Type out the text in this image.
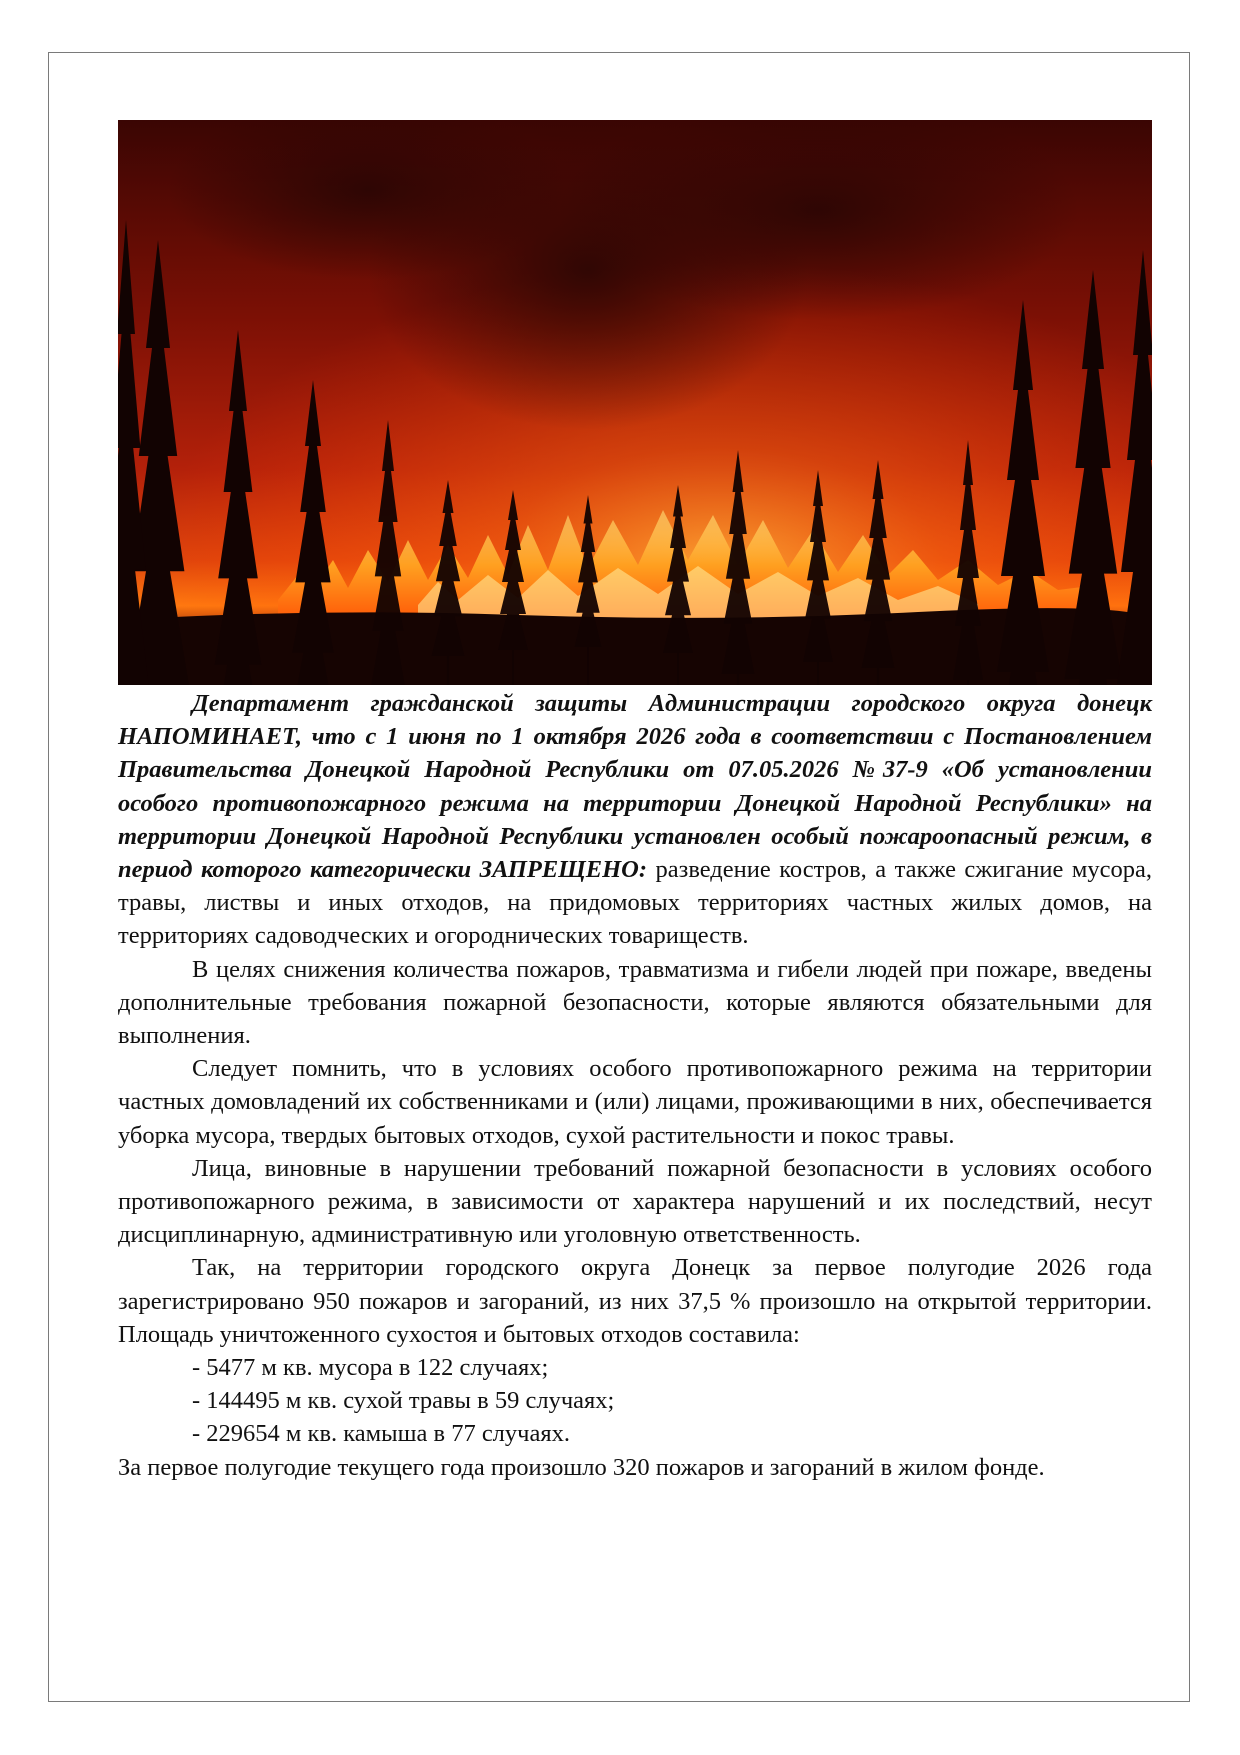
Департамент гражданской защиты Администрации городского округа донецк НАПОМИНАЕТ, что с 1 июня по 1 октября 2026 года в соответствии с Постановлением Правительства Донецкой Народной Республики от 07.05.2026 №37-9 «Об установлении особого противопожарного режима на территории Донецкой Народной Республики» на территории Донецкой Народной Республики установлен особый пожароопасный режим, в период которого категорически ЗАПРЕЩЕНО: разведение костров, а также сжигание мусора, травы, листвы и иных отходов, на придомовых территориях частных жилых домов, на территориях садоводческих и огороднических товариществ.

В целях снижения количества пожаров, травматизма и гибели людей при пожаре, введены дополнительные требования пожарной безопасности, которые являются обязательными для выполнения.

Следует помнить, что в условиях особого противопожарного режима на территории частных домовладений их собственниками и (или) лицами, проживающими в них, обеспечивается уборка мусора, твердых бытовых отходов, сухой растительности и покос травы.

Лица, виновные в нарушении требований пожарной безопасности в условиях особого противопожарного режима, в зависимости от характера нарушений и их последствий, несут дисциплинарную, административную или уголовную ответственность.

Так, на территории городского округа Донецк за первое полугодие 2026 года зарегистрировано 950 пожаров и загораний, из них 37,5 % произошло на открытой территории. Площадь уничтоженного сухостоя и бытовых отходов составила:

- 5477 м кв. мусора в 122 случаях;
- 144495 м кв. сухой травы в 59 случаях;
- 229654 м кв. камыша в 77 случаях.

За первое полугодие текущего года произошло 320 пожаров и загораний в жилом фонде.
